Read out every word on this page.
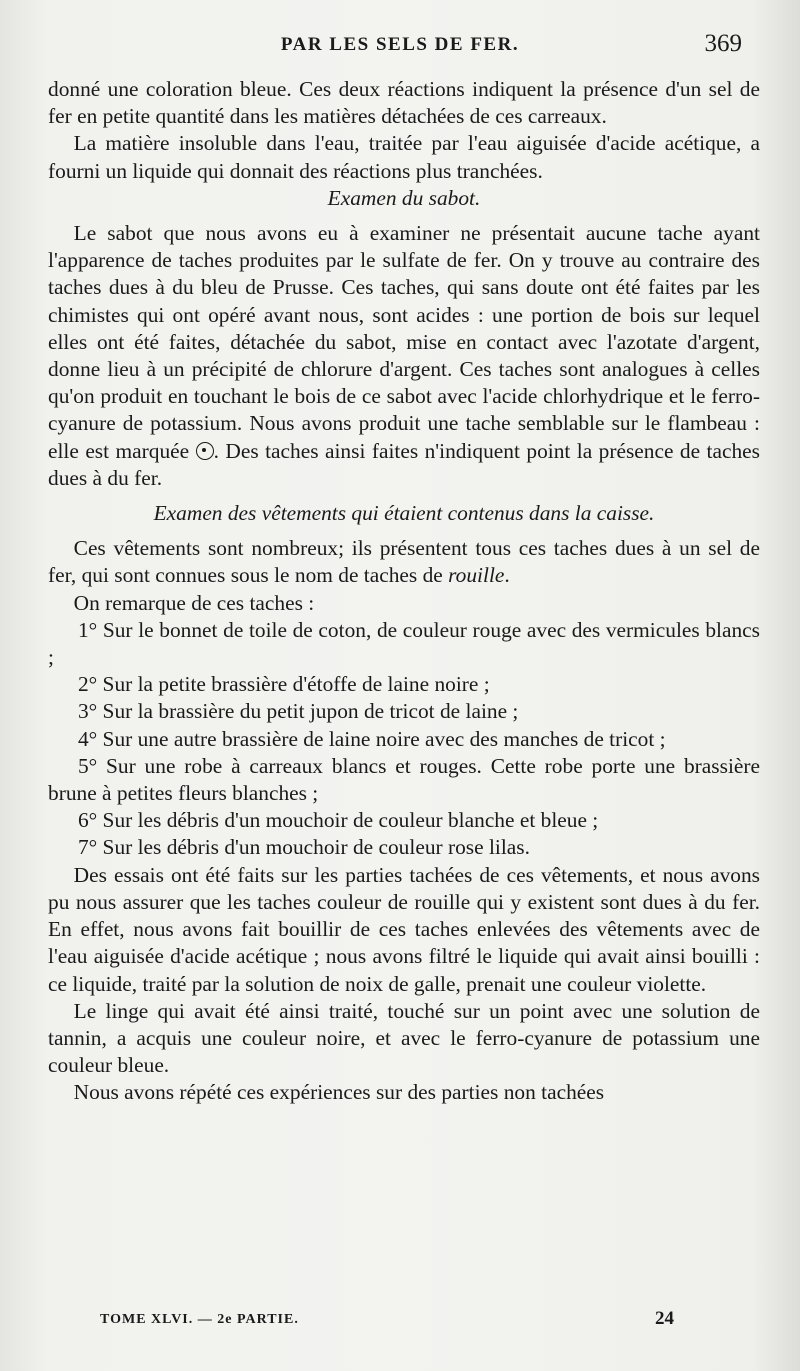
PAR LES SELS DE FER.	369

donné une coloration bleue. Ces deux réactions indiquent la présence d'un sel de fer en petite quantité dans les matières détachées de ces carreaux.

La matière insoluble dans l'eau, traitée par l'eau aiguisée d'acide acétique, a fourni un liquide qui donnait des réactions plus tranchées.

Examen du sabot.

Le sabot que nous avons eu à examiner ne présentait aucune tache ayant l'apparence de taches produites par le sulfate de fer. On y trouve au contraire des taches dues à du bleu de Prusse. Ces taches, qui sans doute ont été faites par les chimistes qui ont opéré avant nous, sont acides : une portion de bois sur lequel elles ont été faites, détachée du sabot, mise en contact avec l'azotate d'argent, donne lieu à un précipité de chlorure d'argent. Ces taches sont analogues à celles qu'on produit en touchant le bois de ce sabot avec l'acide chlorhydrique et le ferro-cyanure de potassium. Nous avons produit une tache semblable sur le flambeau : elle est marquée . Des taches ainsi faites n'indiquent point la présence de taches dues à du fer.

Examen des vêtements qui étaient contenus dans la caisse.

Ces vêtements sont nombreux; ils présentent tous ces taches dues à un sel de fer, qui sont connues sous le nom de taches de rouille.

On remarque de ces taches :

1° Sur le bonnet de toile de coton, de couleur rouge avec des vermicules blancs ;

2° Sur la petite brassière d'étoffe de laine noire ;

3° Sur la brassière du petit jupon de tricot de laine ;

4° Sur une autre brassière de laine noire avec des manches de tricot ;

5° Sur une robe à carreaux blancs et rouges. Cette robe porte une brassière brune à petites fleurs blanches ;

6° Sur les débris d'un mouchoir de couleur blanche et bleue ;

7° Sur les débris d'un mouchoir de couleur rose lilas.

Des essais ont été faits sur les parties tachées de ces vêtements, et nous avons pu nous assurer que les taches couleur de rouille qui y existent sont dues à du fer. En effet, nous avons fait bouillir de ces taches enlevées des vêtements avec de l'eau aiguisée d'acide acétique ; nous avons filtré le liquide qui avait ainsi bouilli : ce liquide, traité par la solution de noix de galle, prenait une couleur violette.

Le linge qui avait été ainsi traité, touché sur un point avec une solution de tannin, a acquis une couleur noire, et avec le ferro-cyanure de potassium une couleur bleue.

Nous avons répété ces expériences sur des parties non tachées

TOME XLVI. — 2e PARTIE.	24
